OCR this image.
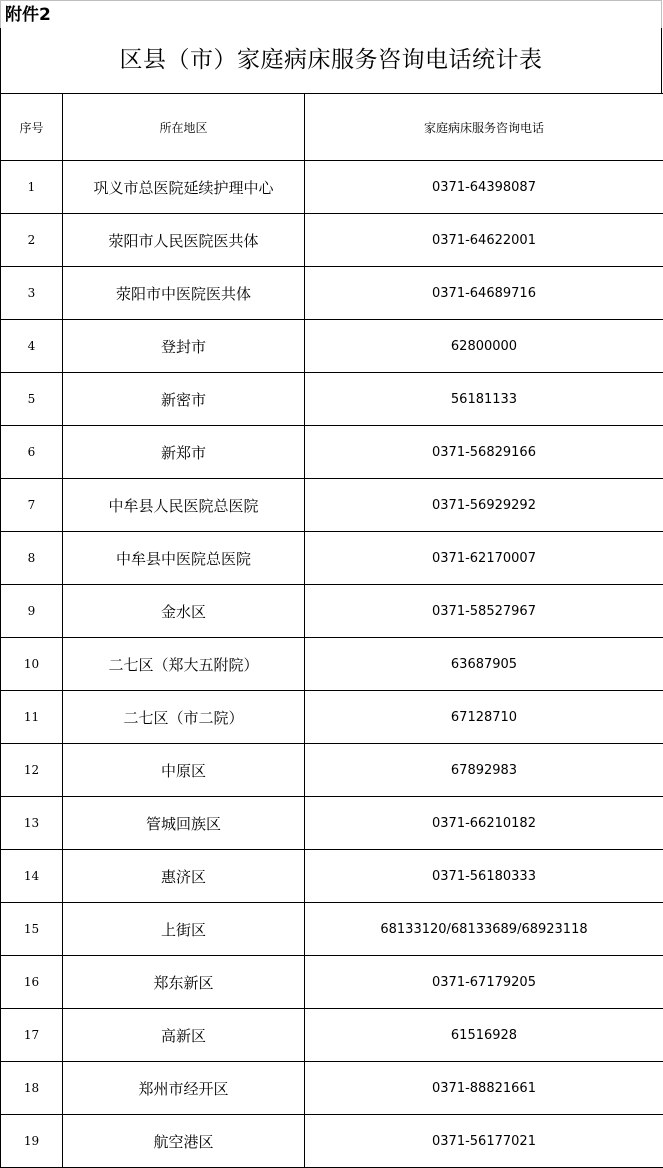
附件2
区县（市）家庭病床服务咨询电话统计表
序号	所在地区	家庭病床服务咨询电话
1	巩义市总医院延续护理中心	0371-64398087
2	荥阳市人民医院医共体	0371-64622001
3	荥阳市中医院医共体	0371-64689716
4	登封市	62800000
5	新密市	56181133
6	新郑市	0371-56829166
7	中牟县人民医院总医院	0371-56929292
8	中牟县中医院总医院	0371-62170007
9	金水区	0371-58527967
10	二七区（郑大五附院）	63687905
11	二七区（市二院）	67128710
12	中原区	67892983
13	管城回族区	0371-66210182
14	惠济区	0371-56180333
15	上街区	68133120/68133689/68923118
16	郑东新区	0371-67179205
17	高新区	61516928
18	郑州市经开区	0371-88821661
19	航空港区	0371-56177021
